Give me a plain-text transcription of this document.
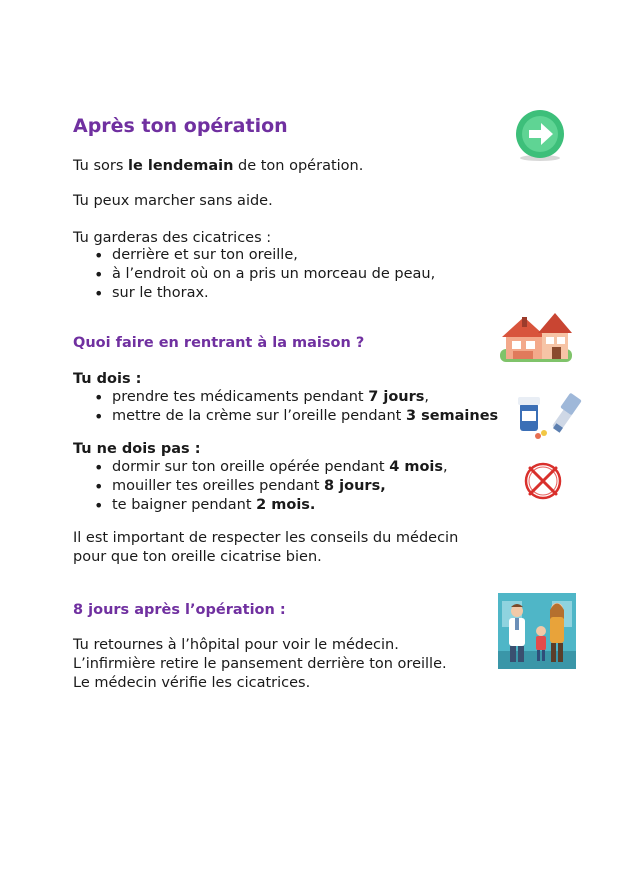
Après ton opération

Tu sors le lendemain de ton opération.

Tu peux marcher sans aide.

Tu garderas des cicatrices :

• derrière et sur ton oreille,
• à l’endroit où on a pris un morceau de peau,
• sur le thorax.
Quoi faire en rentrant à la maison ?

Tu dois :

• prendre tes médicaments pendant 7 jours,
• mettre de la crème sur l’oreille pendant 3 semaines

Tu ne dois pas :

• dormir sur ton oreille opérée pendant 4 mois,
• mouiller tes oreilles pendant 8 jours,
• te baigner pendant 2 mois.

Il est important de respecter les conseils du médecin

pour que ton oreille cicatrise bien.

8 jours après l’opération :

Tu retournes à l’hôpital pour voir le médecin.

L’infirmière retire le pansement derrière ton oreille.

Le médecin vérifie les cicatrices.
